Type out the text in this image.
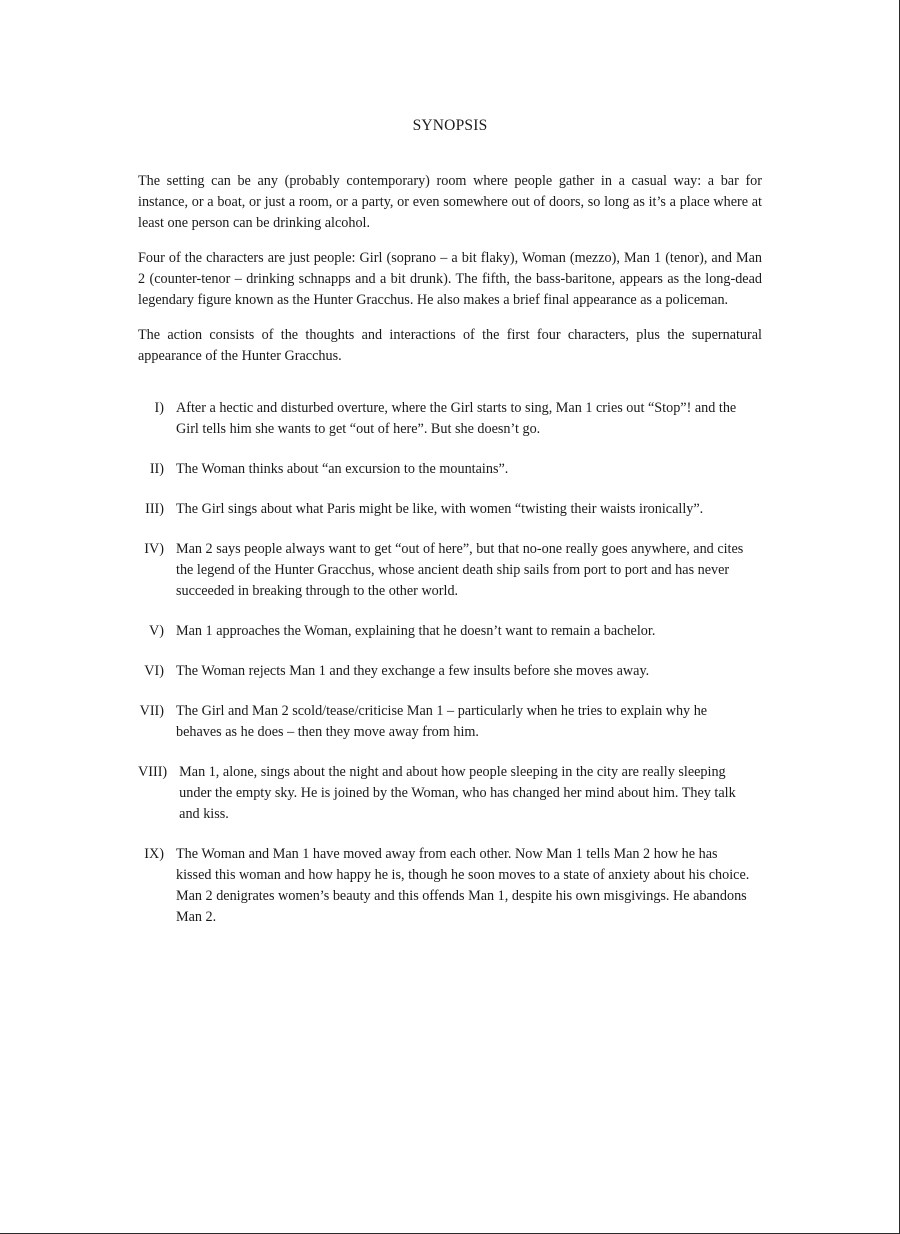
SYNOPSIS

The setting can be any (probably contemporary) room where people gather in a casual way: a bar for instance, or a boat, or just a room, or a party, or even somewhere out of doors, so long as it’s a place where at least one person can be drinking alcohol.

Four of the characters are just people: Girl (soprano – a bit flaky), Woman (mezzo), Man 1 (tenor), and Man 2 (counter-tenor – drinking schnapps and a bit drunk). The fifth, the bass-baritone, appears as the long-dead legendary figure known as the Hunter Gracchus. He also makes a brief final appearance as a policeman.

The action consists of the thoughts and interactions of the first four characters, plus the supernatural appearance of the Hunter Gracchus.

I) After a hectic and disturbed overture, where the Girl starts to sing, Man 1 cries out “Stop”! and the Girl tells him she wants to get “out of here”. But she doesn’t go.
II) The Woman thinks about “an excursion to the mountains”.
III) The Girl sings about what Paris might be like, with women “twisting their waists ironically”.
IV) Man 2 says people always want to get “out of here”, but that no-one really goes anywhere, and cites the legend of the Hunter Gracchus, whose ancient death ship sails from port to port and has never succeeded in breaking through to the other world.
V) Man 1 approaches the Woman, explaining that he doesn’t want to remain a bachelor.
VI) The Woman rejects Man 1 and they exchange a few insults before she moves away.
VII) The Girl and Man 2 scold/tease/criticise Man 1 – particularly when he tries to explain why he behaves as he does – then they move away from him.
VIII) Man 1, alone, sings about the night and about how people sleeping in the city are really sleeping under the empty sky. He is joined by the Woman, who has changed her mind about him. They talk and kiss.
IX) The Woman and Man 1 have moved away from each other. Now Man 1 tells Man 2 how he has kissed this woman and how happy he is, though he soon moves to a state of anxiety about his choice. Man 2 denigrates women’s beauty and this offends Man 1, despite his own misgivings. He abandons Man 2.
